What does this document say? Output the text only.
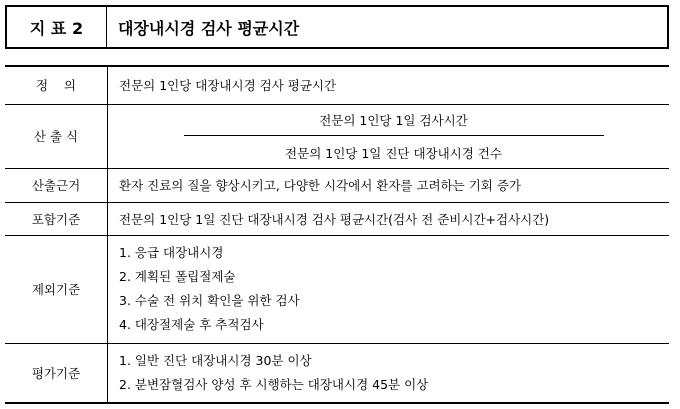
지 표 2	대장내시경 검사 평균시간
정    의	전문의 1인당 대장내시경 검사 평균시간
산 출 식	전문의 1인당 1일 검사시간
전문의 1인당 1일 진단 대장내시경 건수

산출근거	환자 진료의 질을 향상시키고, 다양한 시각에서 환자를 고려하는 기회 증가
포함기준	전문의 1인당 1일 진단 대장내시경 검사 평균시간(검사 전 준비시간+검사시간)
제외기준	1. 응급 대장내시경
2. 계획된 폴립절제술
3. 수술 전 위치 확인을 위한 검사
4. 대장절제술 후 추적검사

평가기준	1. 일반 진단 대장내시경 30분 이상
2. 분변잠혈검사 양성 후 시행하는 대장내시경 45분 이상
